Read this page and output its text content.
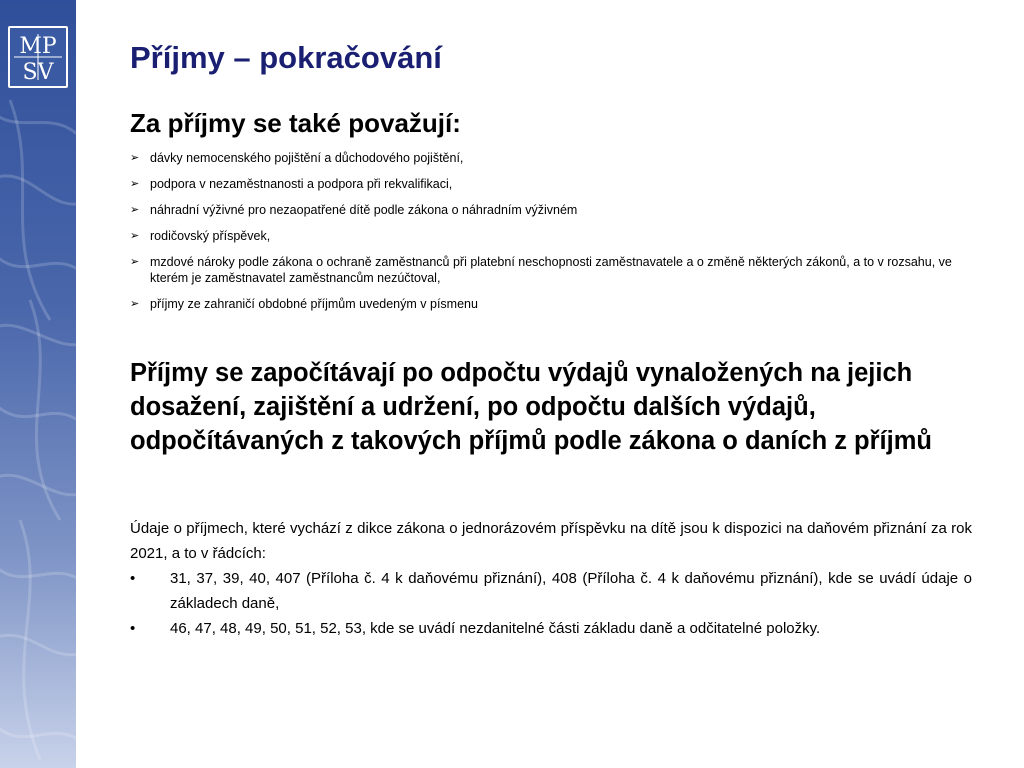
MP
SV Příjmy – pokračování
Za příjmy se také považují:
➢ dávky nemocenského pojištění a důchodového pojištění,
➢ podpora v nezaměstnanosti a podpora při rekvalifikaci,
➢ náhradní výživné pro nezaopatřené dítě podle zákona o náhradním výživném
➢ rodičovský příspěvek,
➢ mzdové nároky podle zákona o ochraně zaměstnanců při platební neschopnosti zaměstnavatele a o změně některých zákonů, a to v rozsahu, ve kterém je zaměstnavatel zaměstnancům nezúčtoval,
➢ příjmy ze zahraničí obdobné příjmům uvedeným v písmenu

Příjmy se započítávají po odpočtu výdajů vynaložených na jejich dosažení, zajištění a udržení, po odpočtu dalších výdajů, odpočítávaných z takových příjmů podle zákona o daních z příjmů

Údaje o příjmech, které vychází z dikce zákona o jednorázovém příspěvku na dítě jsou k dispozici na daňovém přiznání za rok 2021, a to v řádcích:

• 31, 37, 39, 40, 407 (Příloha č. 4 k daňovému přiznání), 408 (Příloha č. 4 k daňovému přiznání), kde se uvádí údaje o základech daně,
• 46, 47, 48, 49, 50, 51, 52, 53, kde se uvádí nezdanitelné části základu daně a odčitatelné položky.
